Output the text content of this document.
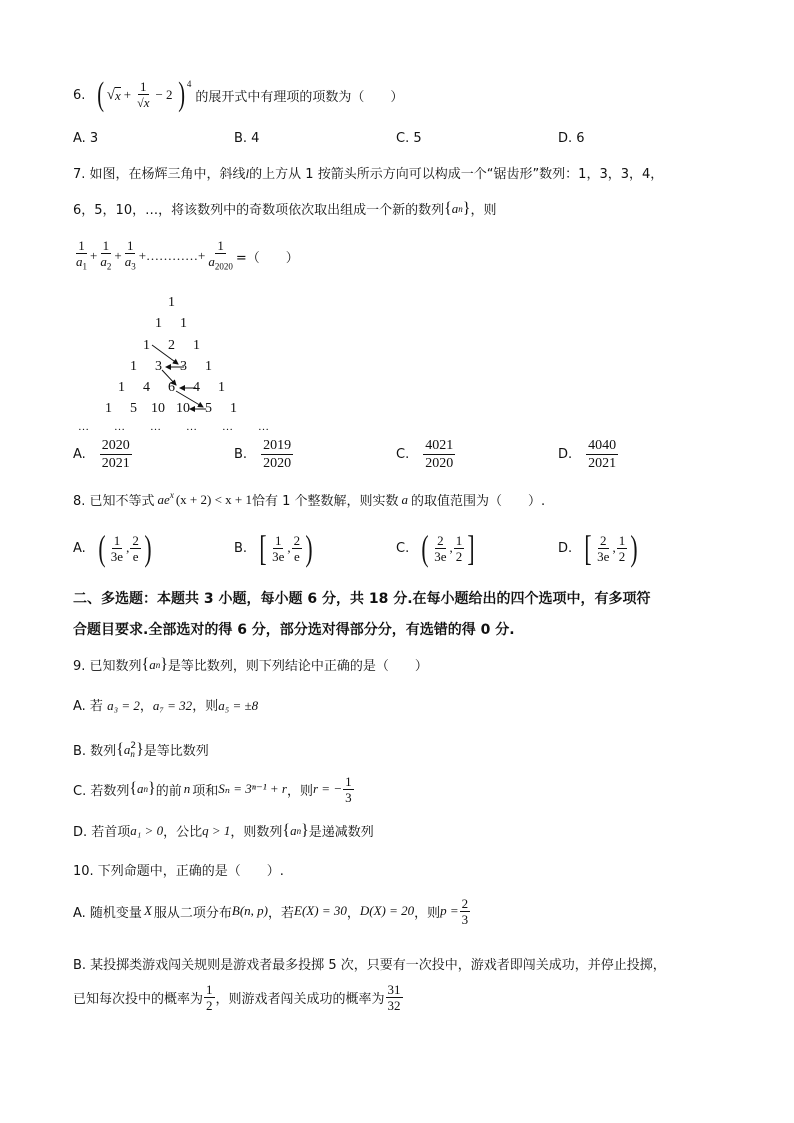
6. ( √ $x + \frac{1}{√x} - 2$ ) $^4$
的展开式中有理项的项数为（　　）
A. 3	B. 4	C. 5	D. 6
7. 如图，在杨辉三角中，斜线l的上方从 1 按箭头所示方向可以构成一个“锯齿形”数列：1，3，3，4，
6，5，10，…，将该数列中的奇数项依次取出组成一个新的数列 { a n } ，则
$\frac{1}{a_1} + \frac{1}{a_2} + \frac{1}{a_3}$ +…………+ $\frac{1}{a_{2020}}$ =（　　）
1
1 1
1 2 1
1 3 3 1
1 4 6 4 1
1 5 10 10 5 1
…　　…　　…　　…　　…　　…
A. $\frac{2020}{2021}$	B. $\frac{2019}{2020}$	C. $\frac{4021}{2020}$	D. $\frac{4040}{2021}$
8. 已知不等式 $ae^x$ (x + 2) < x + 1 恰有 1 个整数解，则实数 a 的取值范围为（　　）.
A. ( $\frac{1}{3e}$ , $\frac{2}{e}$ )	B. [ $\frac{1}{3e}$ , $\frac{2}{e}$ )	C. ( $\frac{2}{3e}$ , $\frac{1}{2}$ ]	D. [ $\frac{2}{3e}$ , $\frac{1}{2}$ )
二、多选题：本题共 3 小题，每小题 6 分，共 18 分.在每小题给出的四个选项中，有多项符
合题目要求.全部选对的得 6 分，部分选对得部分分，有选错的得 0 分.
9. 已知数列 { a n } 是等比数列，则下列结论中正确的是（　　）
A. 若 a₃ = 2，a₇ = 32，则a₅ = ±8
B. 数列 { a 2
n } 是等比数列
C. 若数列 { a n } 的前 n 项和 Sₙ = 3ⁿ⁻¹ + r ，则 r = − $\frac{1}{3}$
D. 若首项 a₁ > 0 ，公比 q > 1 ，则数列 { a n } 是递减数列
10. 下列命题中，正确的是（　　）.
A. 随机变量 X 服从二项分布 B(n, p) ，若 E(X) = 30 ， D(X) = 20 ，则 $p = \frac{2}{3}$
B. 某投掷类游戏闯关规则是游戏者最多投掷 5 次，只要有一次投中，游戏者即闯关成功，并停止投掷，
已知每次投中的概率为 $\frac{1}{2}$ ，则游戏者闯关成功的概率为 $\frac{31}{32}$
